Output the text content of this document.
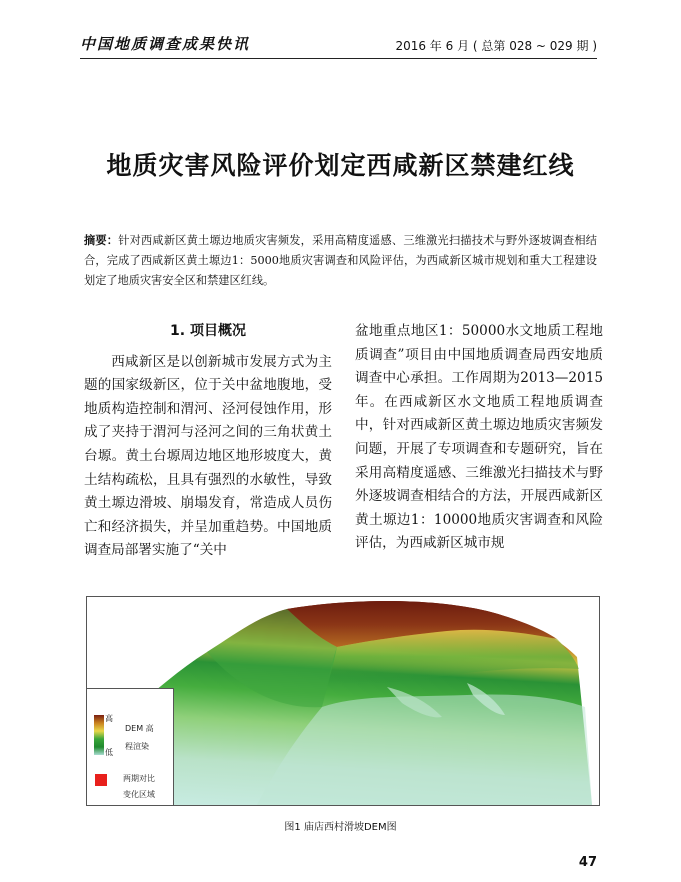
中国地质调查成果快讯	2016 年 6 月 ( 总第 028 ~ 029 期 )
地质灾害风险评价划定西咸新区禁建红线
摘要：针对西咸新区黄土塬边地质灾害频发，采用高精度遥感、三维激光扫描技术与野外逐坡调查相结合，完成了西咸新区黄土塬边1：5000地质灾害调查和风险评估，为西咸新区城市规划和重大工程建设划定了地质灾害安全区和禁建区红线。
1. 项目概况

西咸新区是以创新城市发展方式为主题的国家级新区，位于关中盆地腹地，受地质构造控制和渭河、泾河侵蚀作用，形成了夹持于渭河与泾河之间的三角状黄土台塬。黄土台塬周边地区地形坡度大，黄土结构疏松，且具有强烈的水敏性，导致黄土塬边滑坡、崩塌发育，常造成人员伤亡和经济损失，并呈加重趋势。中国地质调查局部署实施了“关中

盆地重点地区1：50000水文地质工程地质调查”项目由中国地质调查局西安地质调查中心承担。工作周期为2013—2015年。在西咸新区水文地质工程地质调查中，针对西咸新区黄土塬边地质灾害频发问题，开展了专项调查和专题研究，旨在采用高精度遥感、三维激光扫描技术与野外逐坡调查相结合的方法，开展西咸新区黄土塬边1：10000地质灾害调查和风险评估，为西咸新区城市规

高
低
DEM 高
程渲染
两期对比
变化区域
图1 庙店西村滑坡DEM图
47
